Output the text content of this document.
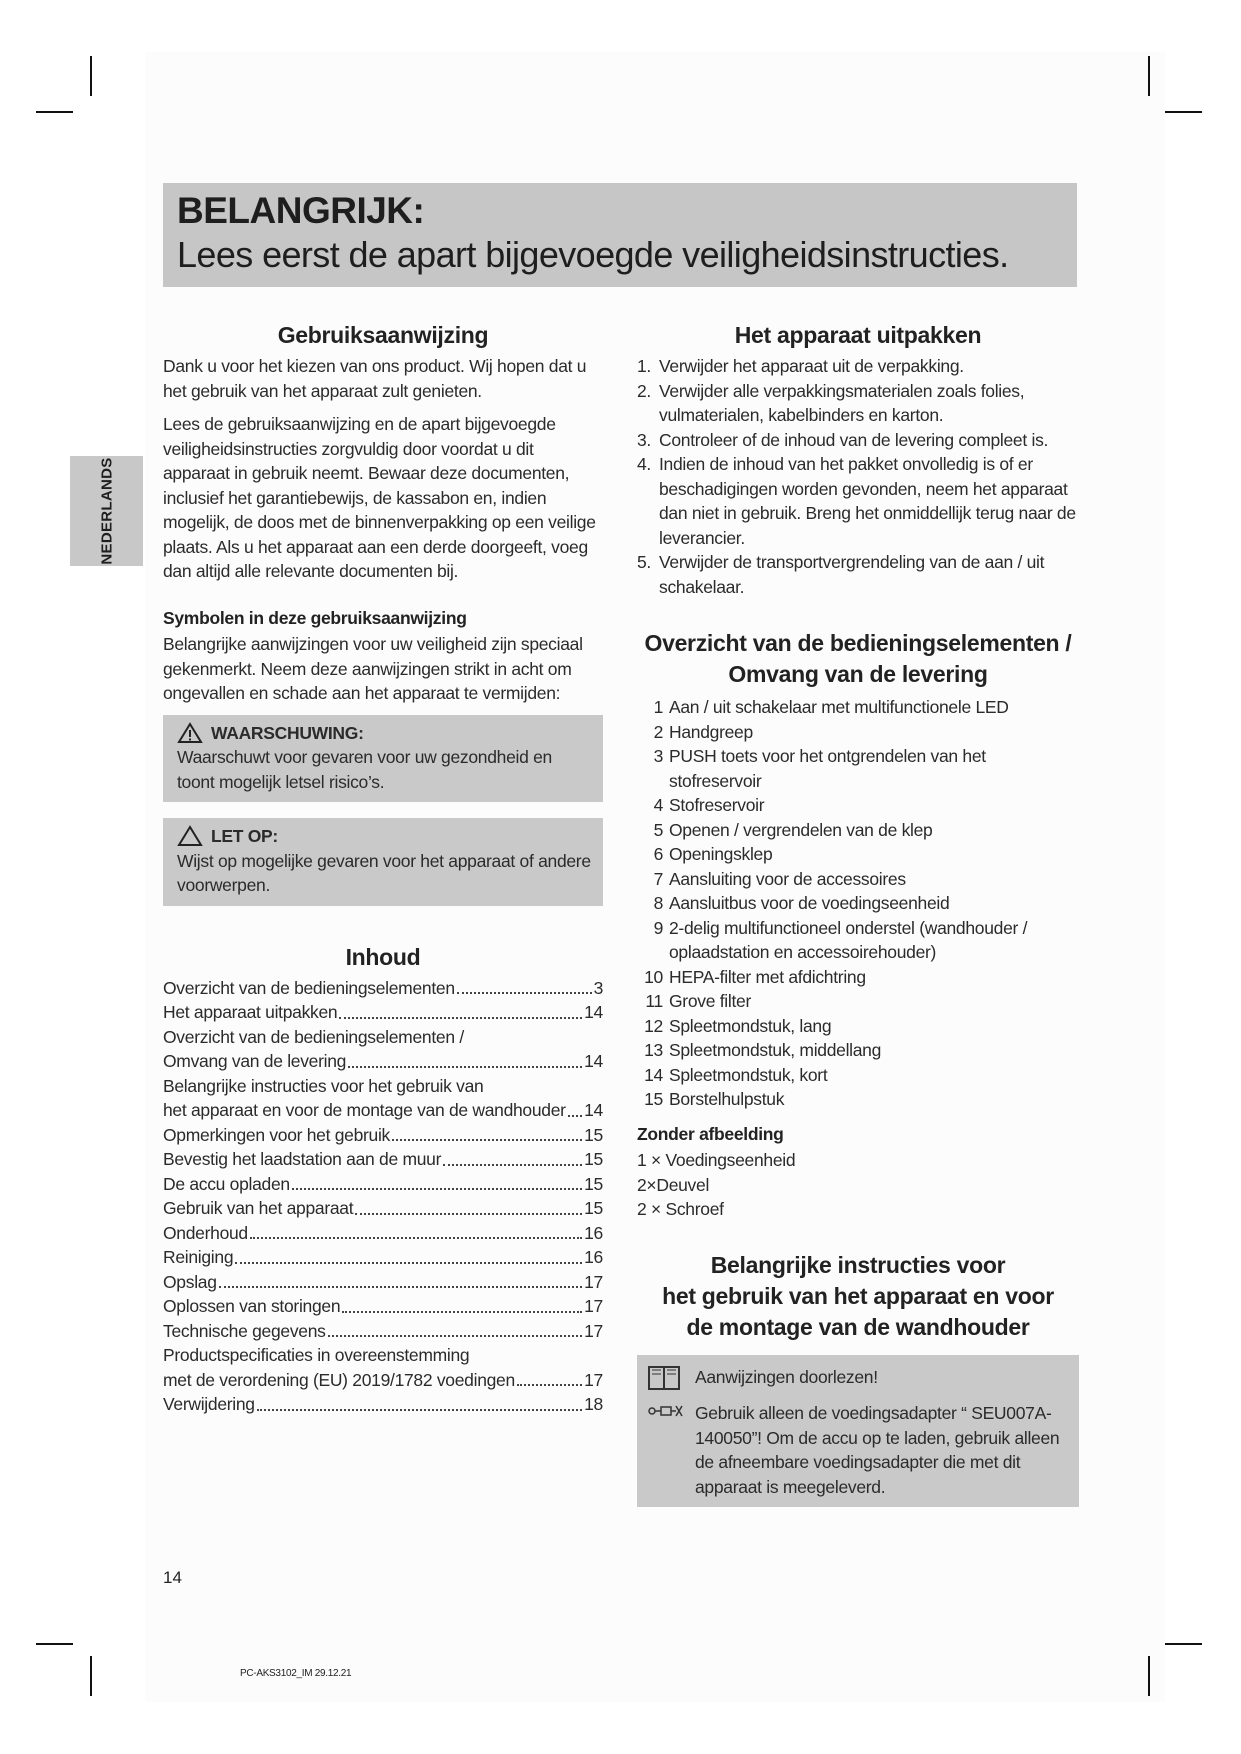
BELANGRIJK:
Lees eerst de apart bijgevoegde veiligheidsinstructies.
NEDERLANDS
Gebruiksaanwijzing

Dank u voor het kiezen van ons product. Wij hopen dat u het gebruik van het apparaat zult genieten.

Lees de gebruiksaanwijzing en de apart bijgevoegde veiligheidsinstructies zorgvuldig door voordat u dit apparaat in gebruik neemt. Bewaar deze documenten, inclusief het garantiebewijs, de kassabon en, indien mogelijk, de doos met de binnenverpakking op een veilige plaats. Als u het apparaat aan een derde doorgeeft, voeg dan altijd alle relevante documenten bij.

Symbolen in deze gebruiksaanwijzing

Belangrijke aanwijzingen voor uw veiligheid zijn speciaal gekenmerkt. Neem deze aanwijzingen strikt in acht om ongevallen en schade aan het apparaat te vermijden:

WAARSCHUWING:

Waarschuwt voor gevaren voor uw gezondheid en toont mogelijk letsel risico’s.

LET OP:

Wijst op mogelijke gevaren voor het apparaat of andere voorwerpen.

Inhoud
Overzicht van de bedieningselementen	3
Het apparaat uitpakken	14
Overzicht van de bedieningselementen /
Omvang van de levering	14
Belangrijke instructies voor het gebruik van
het apparaat en voor de montage van de wandhouder 14
Opmerkingen voor het gebruik	15
Bevestig het laadstation aan de muur	15
De accu opladen	15
Gebruik van het apparaat	15
Onderhoud	16
Reiniging	16
Opslag	17
Oplossen van storingen	17
Technische gegevens	17
Productspecificaties in overeenstemming
met de verordening (EU) 2019/1782 voedingen	17
Verwijdering	18
Het apparaat uitpakken
1. Verwijder het apparaat uit de verpakking.
2. Verwijder alle verpakkingsmaterialen zoals folies, vulmaterialen, kabelbinders en karton.
3. Controleer of de inhoud van de levering compleet is.
4. Indien de inhoud van het pakket onvolledig is of er beschadigingen worden gevonden, neem het apparaat dan niet in gebruik. Breng het onmiddellijk terug naar de leverancier.
5. Verwijder de transportvergrendeling van de aan / uit schakelaar.
Overzicht van de bedieningselementen /
Omvang van de levering
1 Aan / uit schakelaar met multifunctionele LED
2 Handgreep
3 PUSH toets voor het ontgrendelen van het stofreservoir
4 Stofreservoir
5 Openen / vergrendelen van de klep
6 Openingsklep
7 Aansluiting voor de accessoires
8 Aansluitbus voor de voedingseenheid
9 2-delig multifunctioneel onderstel (wandhouder / oplaadstation en accessoirehouder)
10 HEPA-filter met afdichtring
11 Grove filter
12 Spleetmondstuk, lang
13 Spleetmondstuk, middellang
14 Spleetmondstuk, kort
15 Borstelhulpstuk
Zonder afbeelding
1 × Voedingseenheid
2×Deuvel
2 × Schroef
Belangrijke instructies voor
het gebruik van het apparaat en voor
de montage van de wandhouder
Aanwijzingen doorlezen!
Gebruik alleen de voedingsadapter “ SEU007A-140050”! Om de accu op te laden, gebruik alleen de afneembare voedingsadapter die met dit apparaat is meegeleverd.
14
PC-AKS3102_IM 29.12.21
